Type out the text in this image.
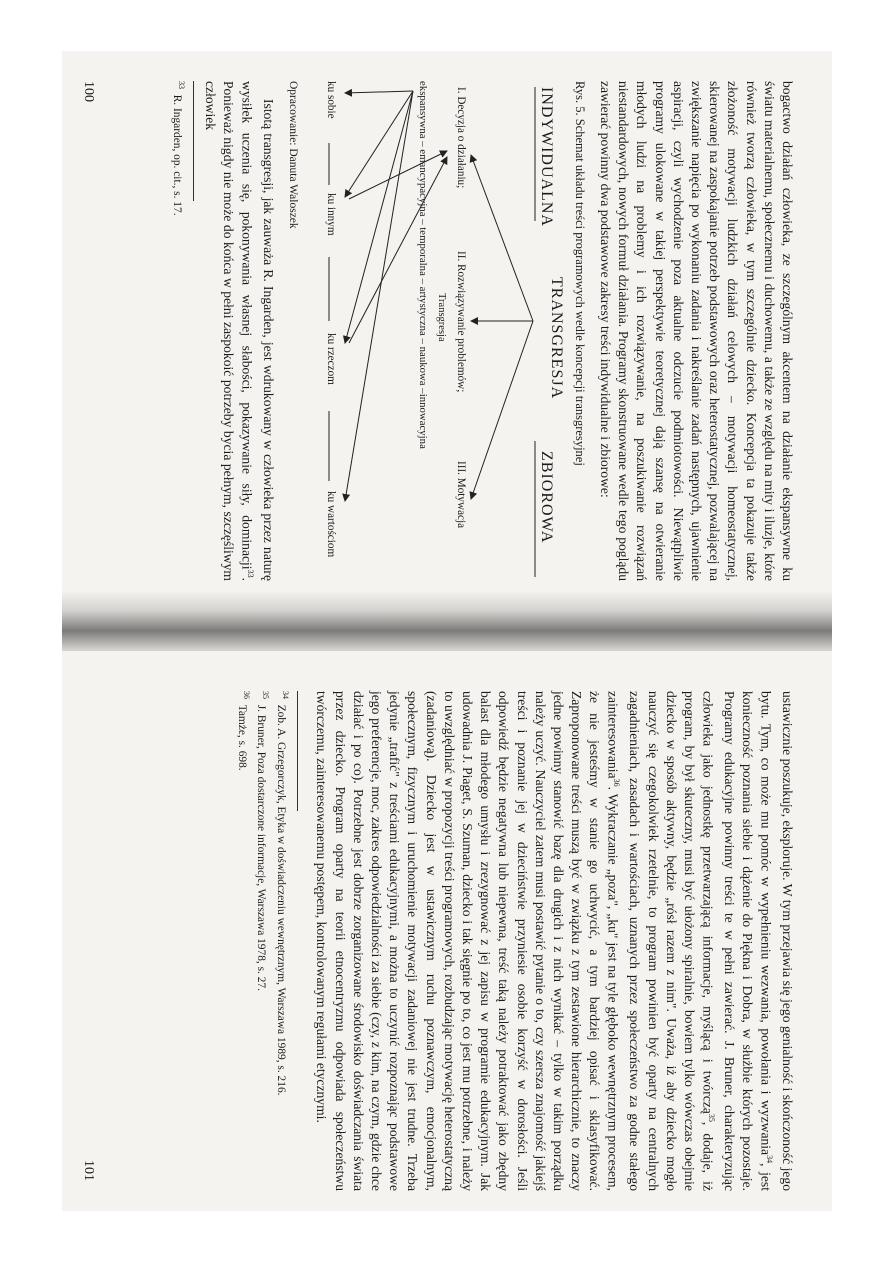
bogactwo działań człowieka, ze szczególnym akcentem na działanie ekspansywne ku światu materialnemu, społecznemu i duchowemu, a także ze względu na mity i iluzje, które również tworzą człowieka, w tym szczególnie dziecko. Koncepcja ta pokazuje także złożoność motywacji ludzkich działań celowych – motywacji homeostatycznej, skierowanej na zaspokajanie potrzeb podstawowych oraz heterostatycznej, pozwalającej na zwiększanie napięcia po wykonaniu zadania i nakreślanie zadań następnych, ujawnienie aspiracji, czyli wychodzenie poza aktualne odczucie podmiotowości. Niewątpliwie programy ulokowane w takiej perspektywie teoretycznej dają szansę na otwieranie młodych ludzi na problemy i ich rozwiązywanie, na poszukiwanie rozwiązań niestandardowych, nowych formuł działania. Programy skonstruowane wedle tego poglądu zawierać powinny dwa podstawowe zakresy treści indywidualne i zbiorowe:

Rys. 5. Schemat układu treści programowych wedle koncepcji transgresyjnej

TRANSGRESJA
INDYWIDUALNA
ZBIOROWA
I. Decyzja o działaniu;
II. Rozwiązywanie problemów;
III. Motywacja
Transgresja
ekspansywna – emancypacyjna – temporalna – artystyczna – naukowa –innowacyjna
ku sobie
ku innym
ku rzeczom
ku wartościom

Opracowanie: Danuta Waloszek

Istotą transgresji, jak zauważa R. Ingarden, jest wdrukowany w człowieka przez naturę wysiłek uczenia się, pokonywania własnej słabości, pokazywanie siły, dominacji$^{33}$. Ponieważ nigdy nie może do końca w pełni zaspokoić potrzeby bycia pełnym, szczęśliwym człowiek

$^{33}$  R. Ingarden, op. cit., s. 17.

100

ustawicznie poszukuje, eksploruje. W tym przejawia się jego genialność i skończoność jego bytu. Tym, co może mu pomóc w wypełnieniu wezwania, powołania i wyzwania$^{34}$, jest konieczność poznania siebie i dążenie do Piękna i Dobra, w służbie których pozostaje. Programy edukacyjne powinny treści te w pełni zawierać. J. Bruner, charakteryzując człowieka jako jednostkę przetwarzającą informacje, myślącą i twórczą$^{35}$, dodaje, iż program, by był skuteczny, musi być ułożony spiralnie, bowiem tylko wówczas obejmie dziecko w sposób aktywny, będzie „rósł razem z nim". Uważa, iż aby dziecko mogło nauczyć się czegokolwiek rzetelnie, to program powinien być oparty na centralnych zagadnieniach, zasadach i wartościach, uznanych przez społeczeństwo za godne stałego zainteresowania$^{36}$. Wykraczanie „poza", „ku" jest na tyle głęboko wewnętrznym procesem, że nie jesteśmy w stanie go uchwycić, a tym bardziej opisać i sklasyfikować. Zaproponowane treści muszą być w związku z tym zestawione hierarchicznie, to znaczy jedne powinny stanowić bazę dla drugich i z nich wynikać – tylko w takim porządku należy uczyć. Nauczyciel zatem musi postawić pytanie o to, czy szersza znajomość jakiejś treści i poznanie jej w dzieciństwie przyniesie osobie korzyść w dorosłości. Jeśli odpowiedź będzie negatywna lub niepewna, treść taką należy potraktować jako zbędny balast dla młodego umysłu i zrezygnować z jej zapisu w programie edukacyjnym. Jak udowadnia J. Piaget, S. Szuman, dziecko i tak sięgnie po to, co jest mu potrzebne, i należy to uwzględniać w propozycji treści programowych, rozbudzając motywację heterostatyczną (zadaniową). Dziecko jest w ustawicznym ruchu poznawczym, emocjonalnym, społecznym, fizycznym i uruchomienie motywacji zadaniowej nie jest trudne. Trzeba jedynie „trafić" z treściami edukacyjnymi, a można to uczynić rozpoznając podstawowe jego preferencje, moc, zakres odpowiedzialności za siebie (czy, z kim, na czym, gdzie chce działać i po co). Potrzebne jest dobrze zorganizowane środowisko doświadczania świata przez dziecko. Program oparty na teorii etnocentryzmu odpowiada społeczeństwu twórczemu, zainteresowanemu postępem, kontrolowanym regułami etycznymi.

$^{34}$  Zob. A. Grzegorczyk, Etyka w doświadczeniu wewnętrznym, Warszawa 1989, s. 216.

$^{35}$  J. Bruner, Poza dostarczone informacje, Warszawa 1978, s. 27.

$^{36}$  Tamże, s. 698.

101
